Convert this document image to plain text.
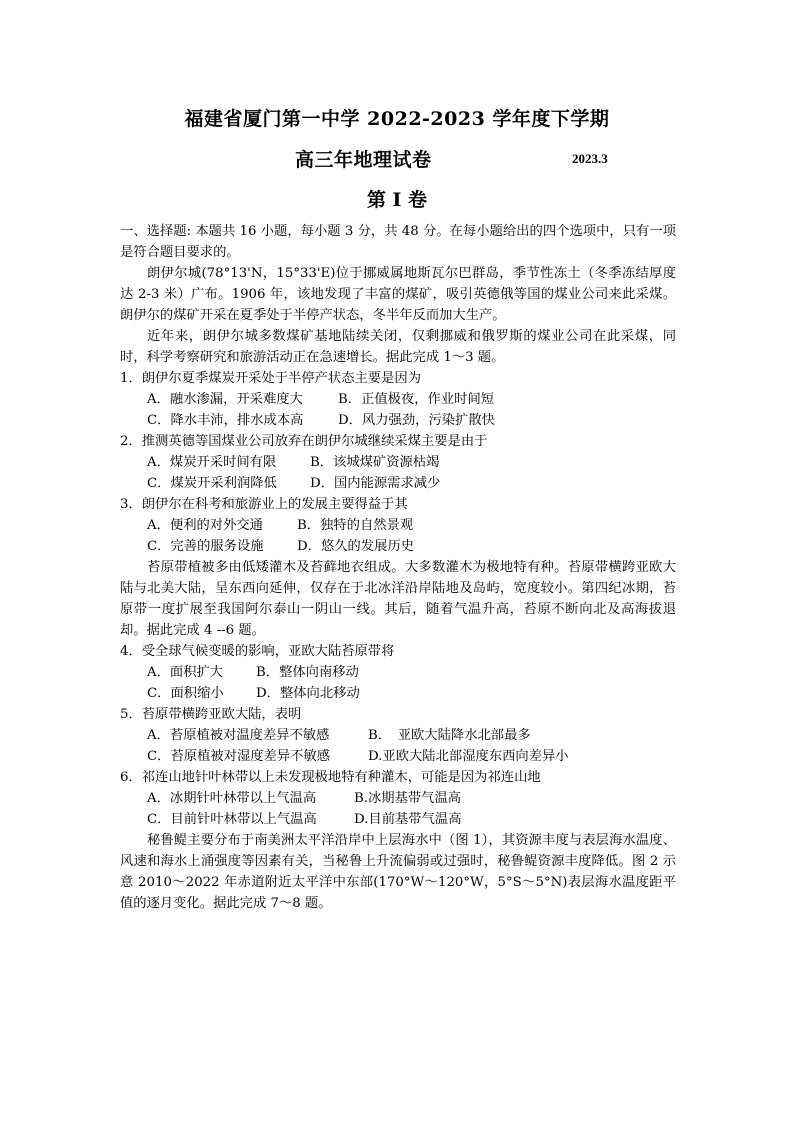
福建省厦门第一中学 2022-2023 学年度下学期
高三年地理试卷	2023.3
第 I 卷
一、选择题: 本题共 16 小题，每小题 3 分，共 48 分。在每小题给出的四个选项中，只有一项是符合题目要求的。
朗伊尔城(78°13'N，15°33'E)位于挪威属地斯瓦尔巴群岛，季节性冻土（冬季冻结厚度达 2-3 米）广布。1906 年，该地发现了丰富的煤矿，吸引英德俄等国的煤业公司来此采煤。朗伊尔的煤矿开采在夏季处于半停产状态，冬半年反而加大生产。
近年来，朗伊尔城多数煤矿基地陆续关闭，仅剩挪威和俄罗斯的煤业公司在此采煤，同时，科学考察研究和旅游活动正在急速增长。据此完成 1～3 题。
1．朗伊尔夏季煤炭开采处于半停产状态主要是因为
A．融水渗漏，开采难度大	B．正值极夜，作业时间短
C．降水丰沛，排水成本高	D．风力强劲，污染扩散快
2．推测英德等国煤业公司放弃在朗伊尔城继续采煤主要是由于
A．煤炭开采时间有限	B．该城煤矿资源枯竭
C．煤炭开采利润降低 D．国内能源需求减少
3．朗伊尔在科考和旅游业上的发展主要得益于其
A．便利的对外交通	B．独特的自然景观
C．完善的服务设施	D．悠久的发展历史
苔原带植被多由低矮灌木及苔藓地衣组成。大多数灌木为极地特有种。苔原带横跨亚欧大陆与北美大陆，呈东西向延伸，仅存在于北冰洋沿岸陆地及岛屿，宽度较小。第四纪冰期，苔原带一度扩展至我国阿尔泰山一阴山一线。其后，随着气温升高，苔原不断向北及高海拔退却。据此完成 4 --6 题。
4．受全球气候变暖的影响，亚欧大陆苔原带将
A．面积扩大 B．整体向南移动
C．面积缩小 D．整体向北移动
5．苔原带横跨亚欧大陆，表明
A．苔原植被对温度差异不敏感	B．　亚欧大陆降水北部最多
C．苔原植被对湿度差异不敏感	D.亚欧大陆北部湿度东西向差异小
6．祁连山地针叶林带以上未发现极地特有种灌木，可能是因为祁连山地
A．冰期针叶林带以上气温高	B.冰期基带气温高
C．目前针叶林带以上气温高	D.目前基带气温高
秘鲁鳀主要分布于南美洲太平洋沿岸中上层海水中（图 1），其资源丰度与表层海水温度、风速和海水上涌强度等因素有关，当秘鲁上升流偏弱或过强时，秘鲁鳀资源丰度降低。图 2 示意 2010～2022 年赤道附近太平洋中东部(170°W～120°W，5°S～5°N)表层海水温度距平值的逐月变化。据此完成 7～8 题。
